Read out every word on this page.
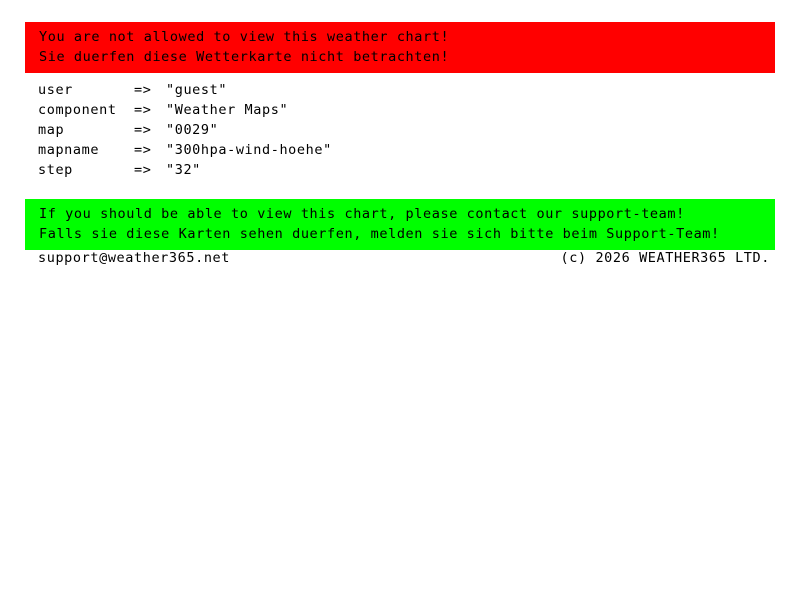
You are not allowed to view this weather chart!
Sie duerfen diese Wetterkarte nicht betrachten!
user	=>	"guest"
component	=>	"Weather Maps"
map	=>	"0029"
mapname	=>	"300hpa-wind-hoehe"
step	=>	"32"
If you should be able to view this chart, please contact our support-team!
Falls sie diese Karten sehen duerfen, melden sie sich bitte beim Support-Team!
support@weather365.net	(c) 2026 WEATHER365 LTD.
